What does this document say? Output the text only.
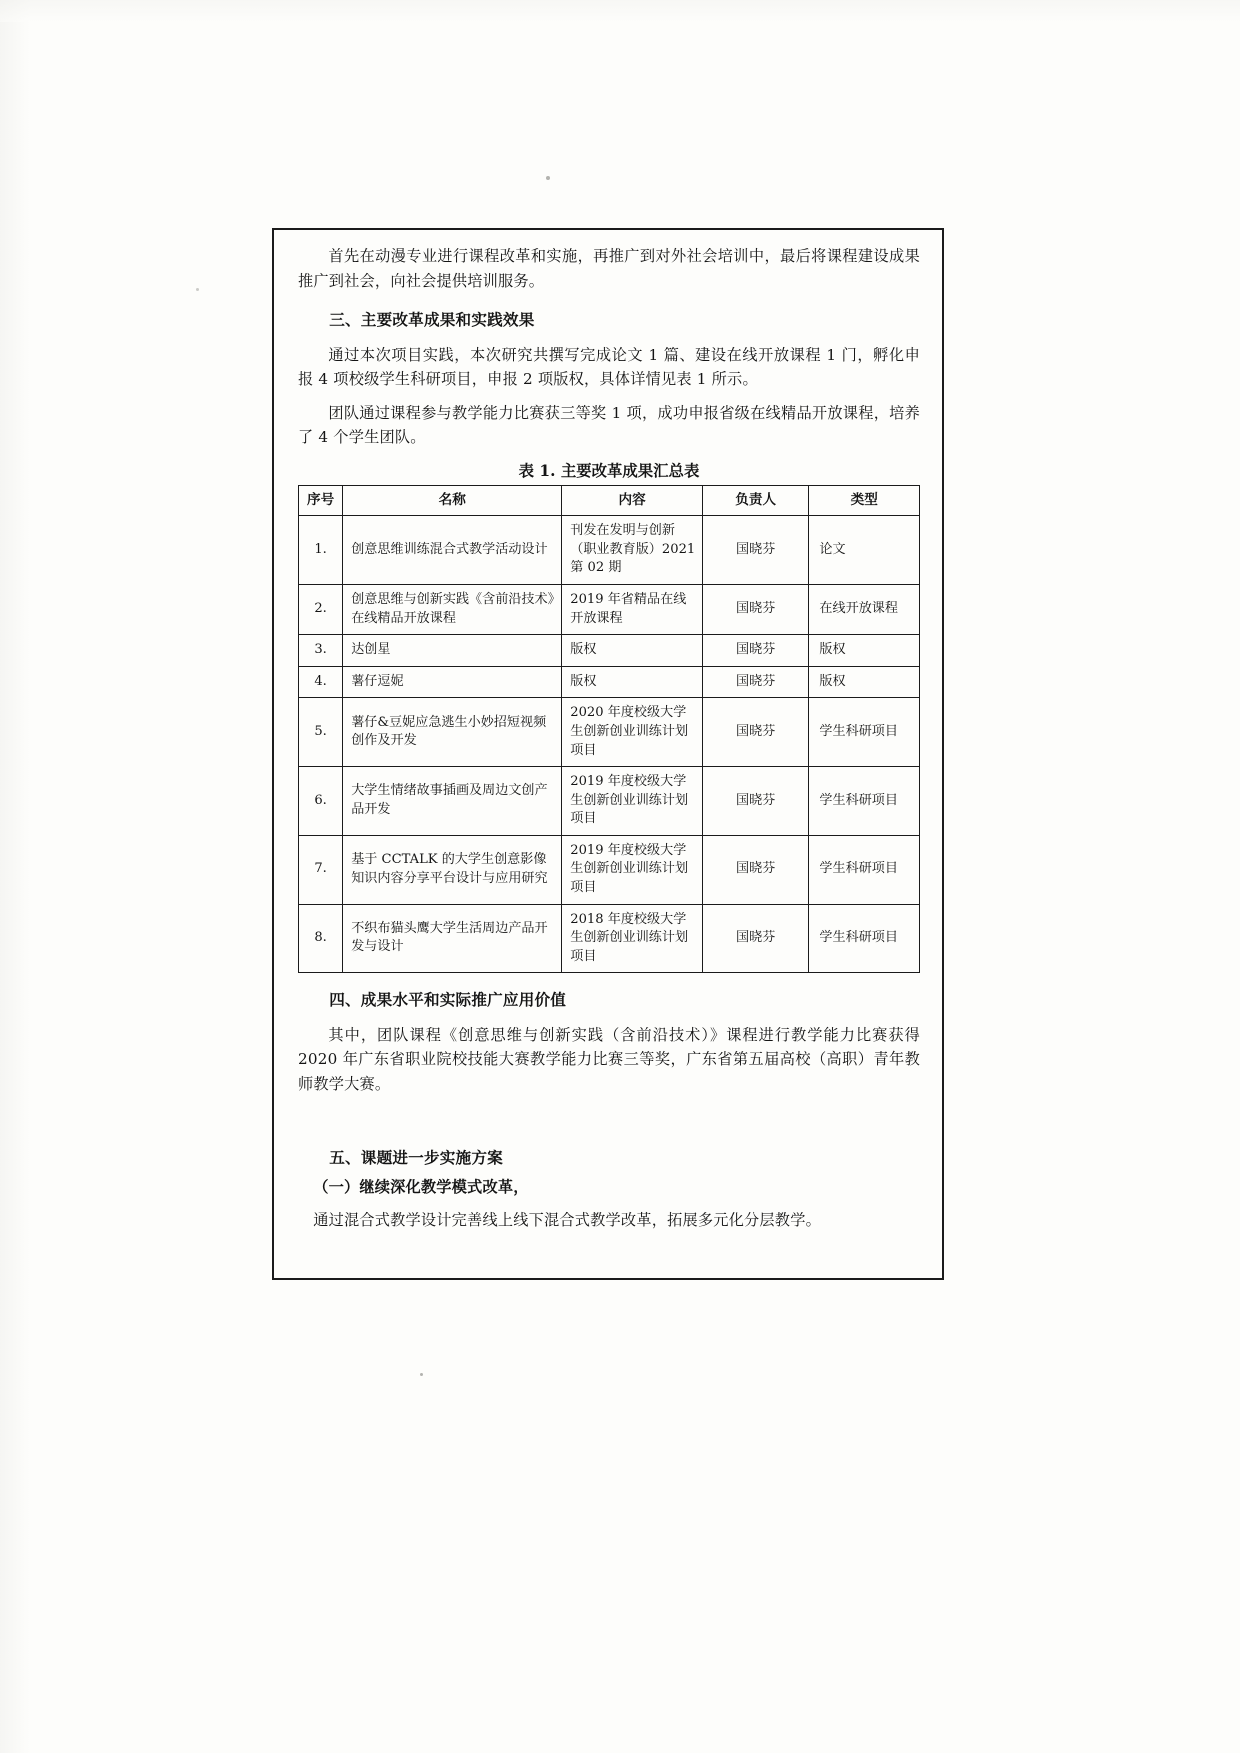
首先在动漫专业进行课程改革和实施，再推广到对外社会培训中，最后将课程建设成果推广到社会，向社会提供培训服务。

三、主要改革成果和实践效果

通过本次项目实践，本次研究共撰写完成论文 1 篇、建设在线开放课程 1 门，孵化申报 4 项校级学生科研项目，申报 2 项版权，具体详情见表 1 所示。

团队通过课程参与教学能力比赛获三等奖 1 项，成功申报省级在线精品开放课程，培养了 4 个学生团队。

表 1. 主要改革成果汇总表
序号	名称	内容	负责人	类型
1.	创意思维训练混合式教学活动设计	刊发在发明与创新（职业教育版）2021 第 02 期	国晓芬	论文
2.	创意思维与创新实践《含前沿技术》在线精品开放课程	2019 年省精品在线开放课程	国晓芬	在线开放课程
3.	达创星	版权	国晓芬	版权
4.	薯仔逗妮	版权	国晓芬	版权
5.	薯仔&豆妮应急逃生小妙招短视频创作及开发	2020 年度校级大学生创新创业训练计划项目	国晓芬	学生科研项目
6.	大学生情绪故事插画及周边文创产品开发	2019 年度校级大学生创新创业训练计划项目	国晓芬	学生科研项目
7.	基于 CCTALK 的大学生创意影像知识内容分享平台设计与应用研究	2019 年度校级大学生创新创业训练计划项目	国晓芬	学生科研项目
8.	不织布猫头鹰大学生活周边产品开发与设计	2018 年度校级大学生创新创业训练计划项目	国晓芬	学生科研项目

四、成果水平和实际推广应用价值

其中，团队课程《创意思维与创新实践（含前沿技术）》课程进行教学能力比赛获得 2020 年广东省职业院校技能大赛教学能力比赛三等奖，广东省第五届高校（高职）青年教师教学大赛。

五、课题进一步实施方案

（一）继续深化教学模式改革，

通过混合式教学设计完善线上线下混合式教学改革，拓展多元化分层教学。
